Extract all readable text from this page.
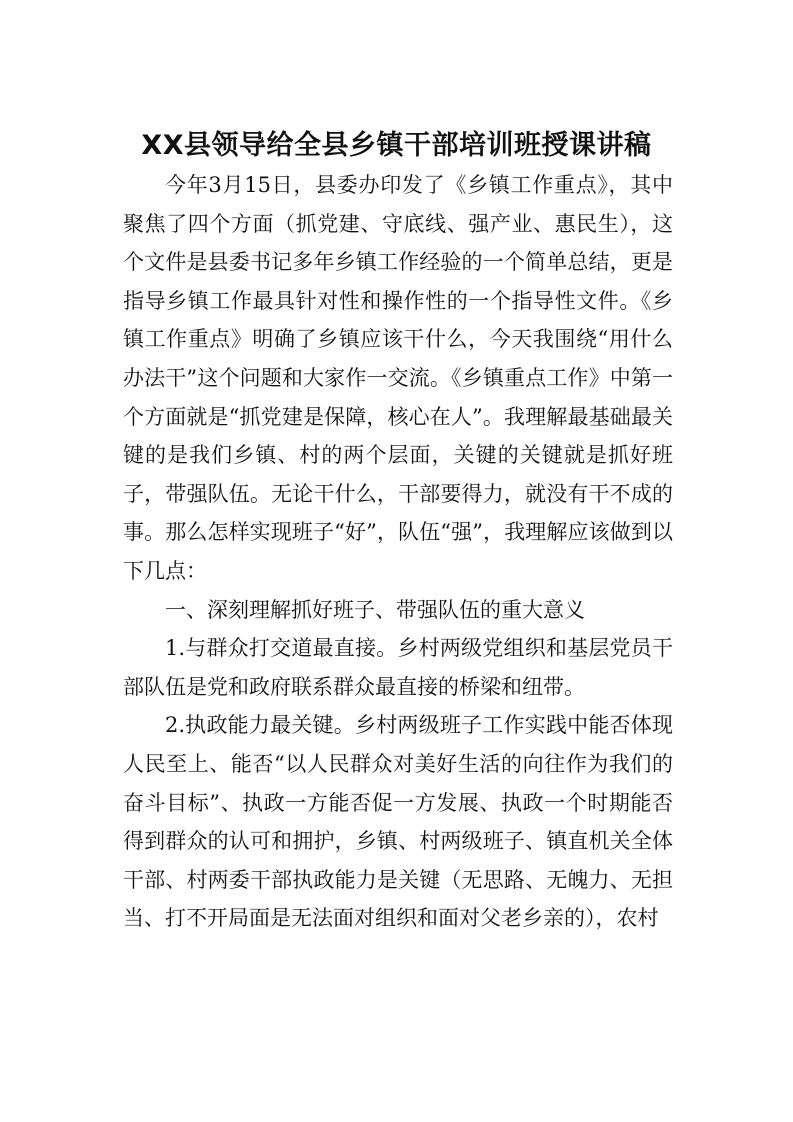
XX县领导给全县乡镇干部培训班授课讲稿

今年3月15日，县委办印发了《乡镇工作重点》，其中聚焦了四个方面（抓党建、守底线、强产业、惠民生），这个文件是县委书记多年乡镇工作经验的一个简单总结，更是指导乡镇工作最具针对性和操作性的一个指导性文件。《乡镇工作重点》明确了乡镇应该干什么，今天我围绕“用什么办法干”这个问题和大家作一交流。《乡镇重点工作》中第一个方面就是“抓党建是保障，核心在人”。我理解最基础最关键的是我们乡镇、村的两个层面，关键的关键就是抓好班子，带强队伍。无论干什么，干部要得力，就没有干不成的事。那么怎样实现班子“好”，队伍“强”，我理解应该做到以下几点：

一、深刻理解抓好班子、带强队伍的重大意义

1.与群众打交道最直接。乡村两级党组织和基层党员干部队伍是党和政府联系群众最直接的桥梁和纽带。

2.执政能力最关键。乡村两级班子工作实践中能否体现人民至上、能否“以人民群众对美好生活的向往作为我们的奋斗目标”、执政一方能否促一方发展、执政一个时期能否得到群众的认可和拥护，乡镇、村两级班子、镇直机关全体干部、村两委干部执政能力是关键（无思路、无魄力、无担当、打不开局面是无法面对组织和面对父老乡亲的），农村
